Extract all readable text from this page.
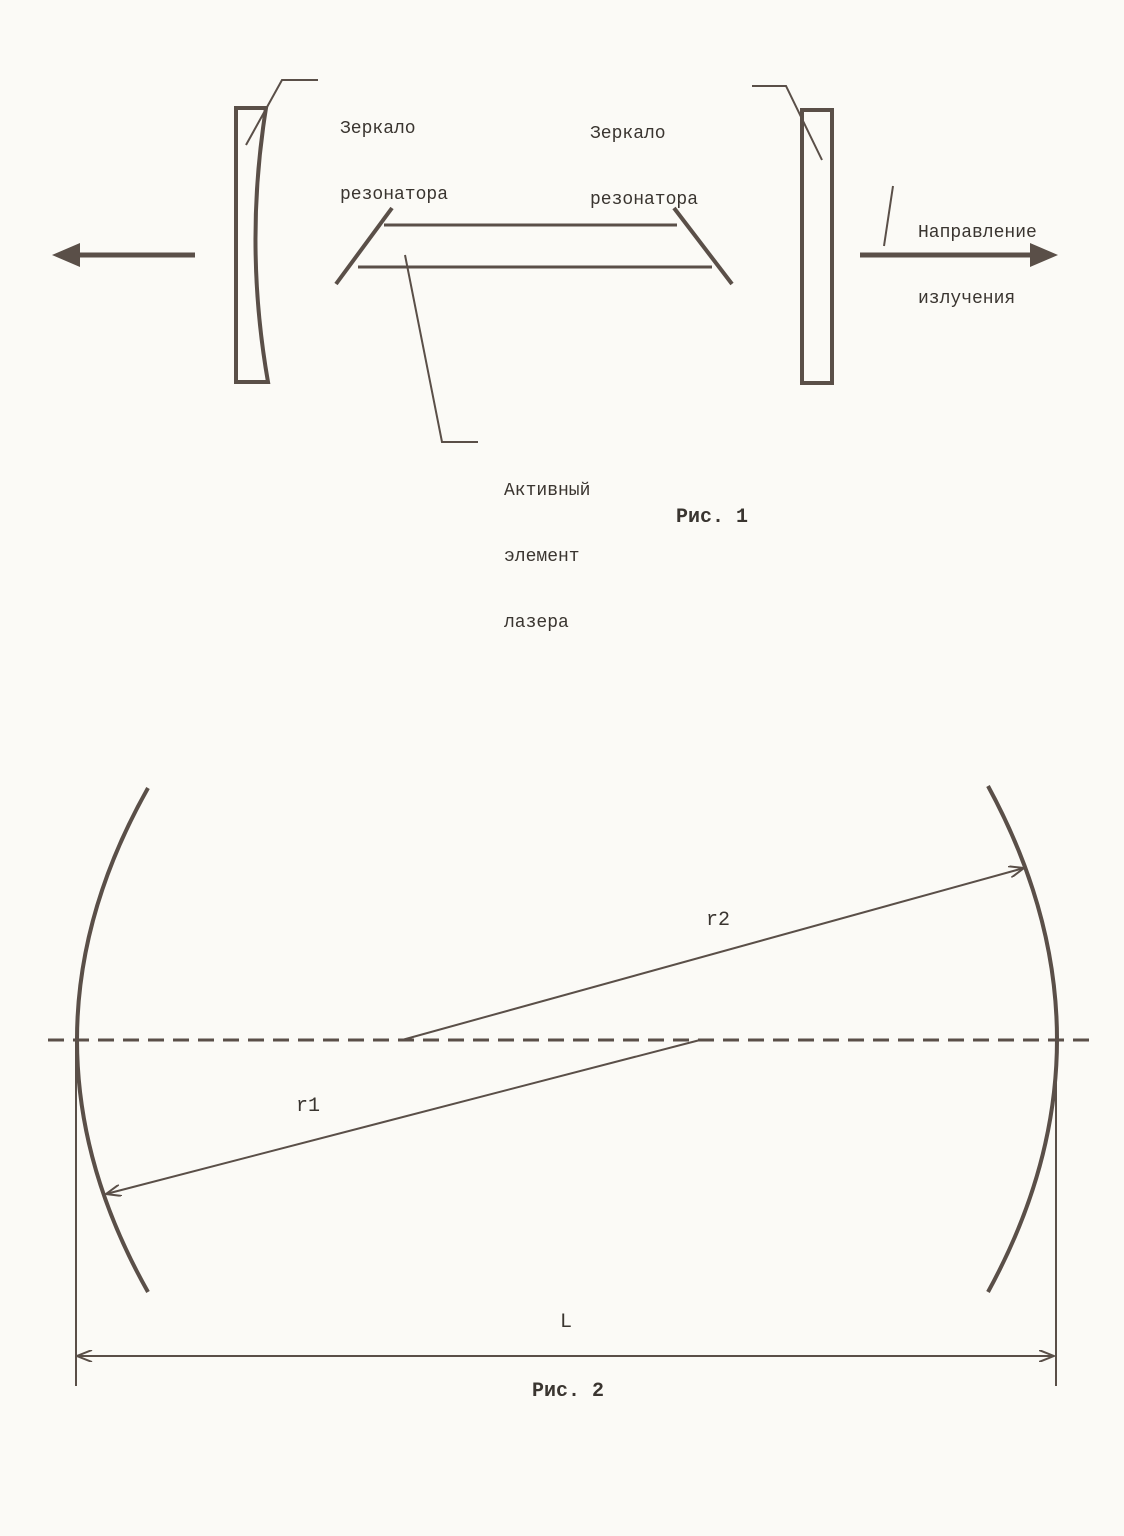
Зеркало

резонатора

Зеркало

резонатора

Направление

излучения

Активный

элемент

лазера

Рис. 1
r2
r1
L
Рис. 2
